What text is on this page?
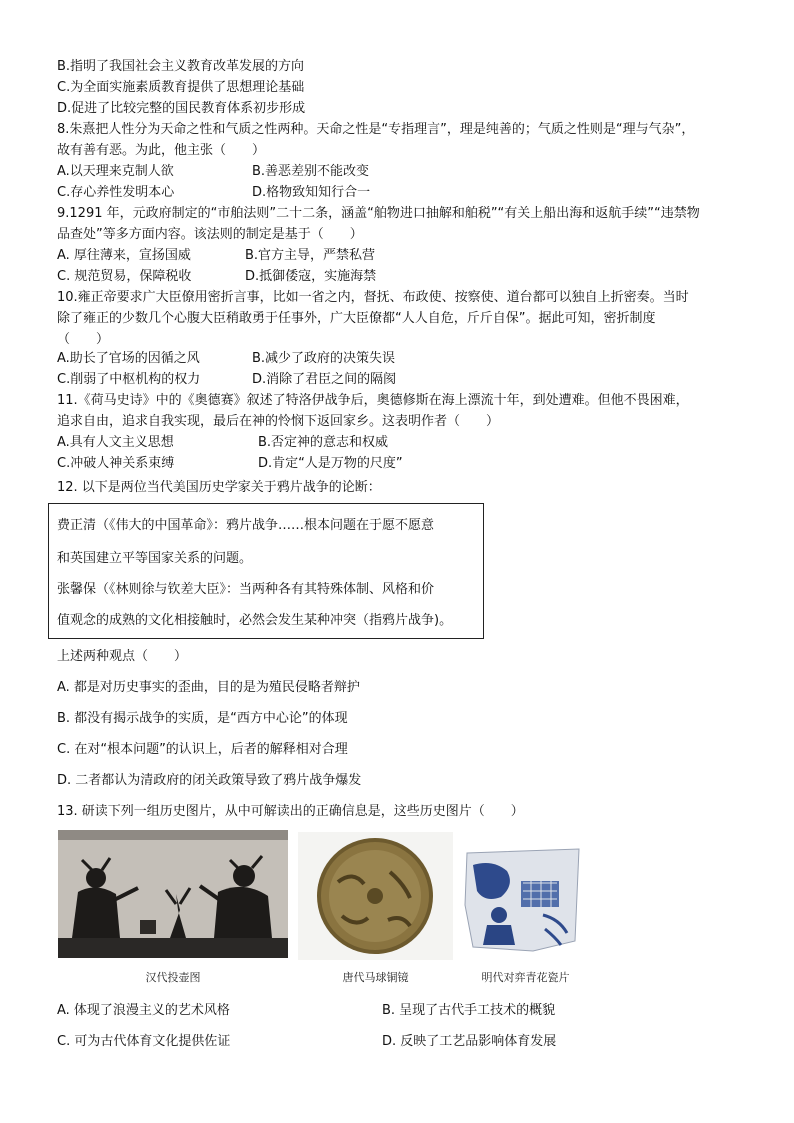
B.指明了我国社会主义教育改革发展的方向
C.为全面实施素质教育提供了思想理论基础
D.促进了比较完整的国民教育体系初步形成
8.朱熹把人性分为天命之性和气质之性两种。天命之性是“专指理言”，理是纯善的；气质之性则是“理与气杂”，
故有善有恶。为此，他主张（　　）
A.以天理来克制人欲	B.善恶差别不能改变
C.存心养性发明本心	D.格物致知知行合一
9.1291 年，元政府制定的“市舶法则”二十二条，涵盖“舶物进口抽解和舶税”“有关上船出海和返航手续”“违禁物
品查处”等多方面内容。该法则的制定是基于（　　）
A. 厚往薄来，宣扬国威	B.官方主导，严禁私营
C. 规范贸易，保障税收	D.抵御倭寇，实施海禁
10.雍正帝要求广大臣僚用密折言事，比如一省之内，督抚、布政使、按察使、道台都可以独自上折密奏。当时
除了雍正的少数几个心腹大臣稍敢勇于任事外，广大臣僚都“人人自危，斤斤自保”。据此可知，密折制度
（　　）
A.助长了官场的因循之风	B.减少了政府的决策失误
C.削弱了中枢机构的权力	D.消除了君臣之间的隔阂
11.《荷马史诗》中的《奥德赛》叙述了特洛伊战争后，奥德修斯在海上漂流十年，到处遭难。但他不畏困难，
追求自由，追求自我实现，最后在神的怜悯下返回家乡。这表明作者（　　）
A.具有人文主义思想	B.否定神的意志和权威
C.冲破人神关系束缚	D.肯定“人是万物的尺度”
12. 以下是两位当代美国历史学家关于鸦片战争的论断：
费正清（《伟大的中国革命》：鸦片战争……根本问题在于愿不愿意
和英国建立平等国家关系的问题。
张馨保（《林则徐与钦差大臣》：当两种各有其特殊体制、风格和价
值观念的成熟的文化相接触时，必然会发生某种冲突（指鸦片战争)。
上述两种观点（　　）
A. 都是对历史事实的歪曲，目的是为殖民侵略者辩护
B. 都没有揭示战争的实质，是“西方中心论”的体现
C. 在对“根本问题”的认识上，后者的解释相对合理
D. 二者都认为清政府的闭关政策导致了鸦片战争爆发
13. 研读下列一组历史图片，从中可解读出的正确信息是，这些历史图片（　　）
汉代投壶图	唐代马球铜镜	明代对弈青花瓷片
A. 体现了浪漫主义的艺术风格	B. 呈现了古代手工技术的概貌
C. 可为古代体育文化提供佐证	D. 反映了工艺品影响体育发展
